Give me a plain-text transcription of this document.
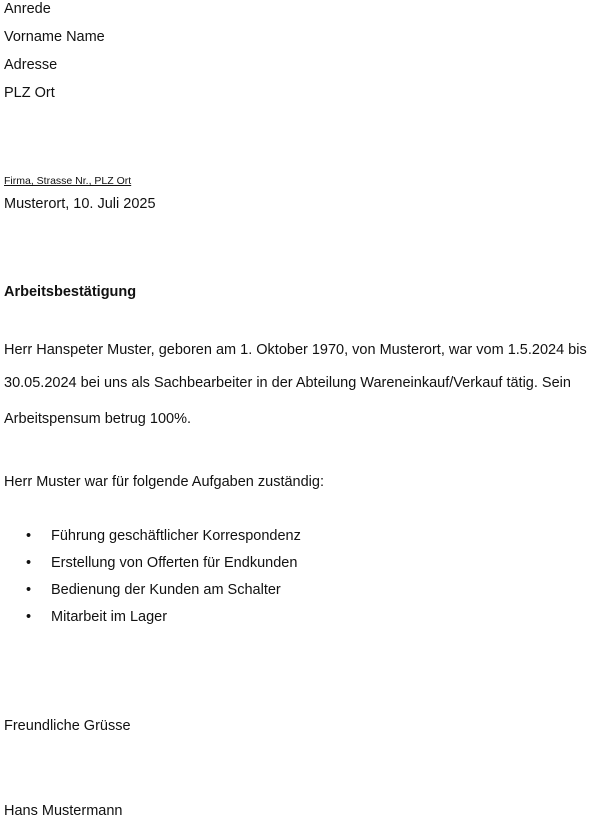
Anrede
Vorname Name
Adresse
PLZ Ort
Firma, Strasse Nr., PLZ Ort
Musterort, 10. Juli 2025
Arbeitsbestätigung
Herr Hanspeter Muster, geboren am 1. Oktober 1970, von Musterort, war vom 1.5.2024 bis
30.05.2024 bei uns als Sachbearbeiter in der Abteilung Wareneinkauf/Verkauf tätig. Sein
Arbeitspensum betrug 100%.
Herr Muster war für folgende Aufgaben zuständig:
• Führung geschäftlicher Korrespondenz
• Erstellung von Offerten für Endkunden
• Bedienung der Kunden am Schalter
• Mitarbeit im Lager
Freundliche Grüsse
Hans Mustermann
